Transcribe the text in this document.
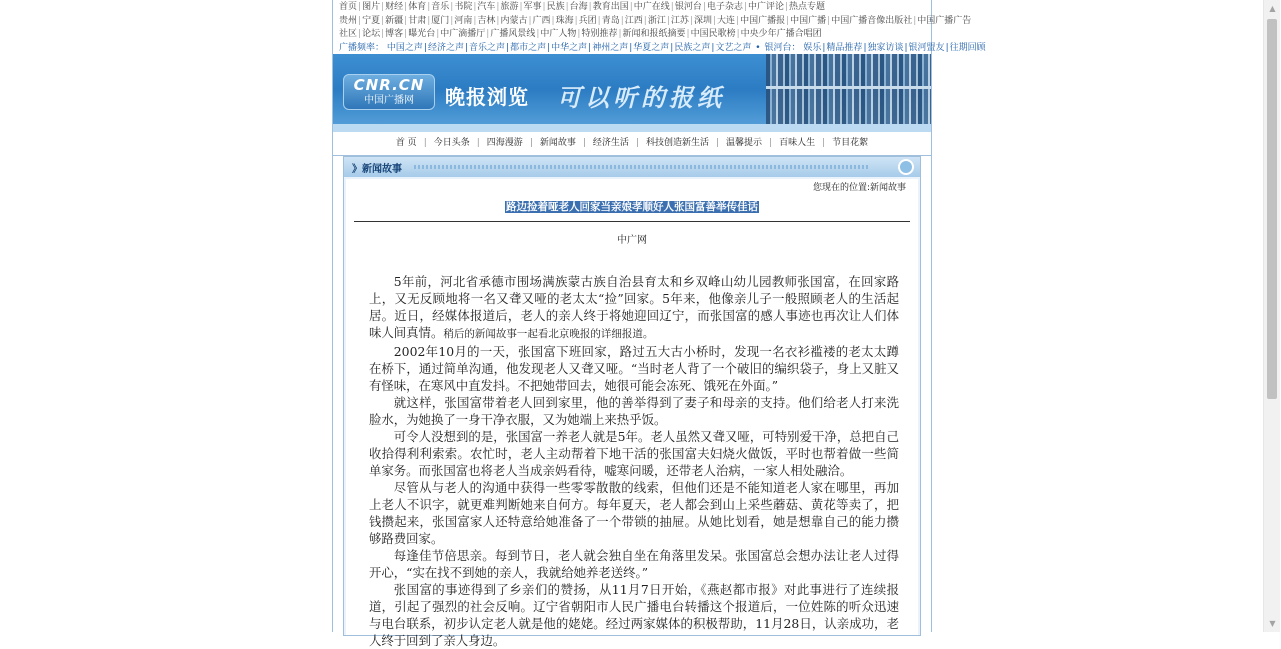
首页|图片|财经|体育|音乐|书院|汽车|旅游|军事|民族|台海|教育出国|中广在线|银河台|电子杂志|中广评论|热点专题
贵州|宁夏|新疆|甘肃|厦门|河南|吉林|内蒙古|广西|珠海|兵团|青岛|江西|浙江|江苏|深圳|大连|中国广播报|中国广播|中国广播音像出版社|中国广播广告
社区|论坛|博客|曝光台|中广滴播厅|广播风景线|中广人物|特别推荐|新闻和报纸摘要|中国民歌榜|中央少年广播合唱团
广播频率： 中国之声|经济之声|音乐之声|都市之声|中华之声|神州之声|华夏之声|民族之声|文艺之声 • 银河台： 娱乐|精品推荐|独家访谈|银河盟友|往期回顾
CNR.CN
中国广播网	晚报浏览 可以听的报纸
首 页 | 今日头条 | 四海漫游 | 新闻故事 | 经济生活 | 科技创造新生活 | 温馨提示 | 百味人生 | 节目花絮
》新闻故事
您现在的位置:新闻故事
路边捡着哑老人回家当亲娘孝顺好人张国富善举传佳话
中广网

5年前，河北省承德市围场满族蒙古族自治县育太和乡双峰山幼儿园教师张国富，在回家路上，又无反顾地将一名又聋又哑的老太太“捡”回家。5年来，他像亲儿子一般照顾老人的生活起居。近日，经媒体报道后，老人的亲人终于将她迎回辽宁，而张国富的感人事迹也再次让人们体味人间真情。稍后的新闻故事一起看北京晚报的详细报道。

2002年10月的一天，张国富下班回家，路过五大古小桥时，发现一名衣衫褴褛的老太太蹲在桥下，通过简单沟通，他发现老人又聋又哑。“当时老人背了一个破旧的编织袋子，身上又脏又有怪味，在寒风中直发抖。不把她带回去，她很可能会冻死、饿死在外面。”

就这样，张国富带着老人回到家里，他的善举得到了妻子和母亲的支持。他们给老人打来洗脸水，为她换了一身干净衣服，又为她端上来热乎饭。

可令人没想到的是，张国富一养老人就是5年。老人虽然又聋又哑，可特别爱干净，总把自己收拾得利利索索。农忙时，老人主动帮着下地干活的张国富夫妇烧火做饭，平时也帮着做一些简单家务。而张国富也将老人当成亲妈看待，嘘寒问暖，还带老人治病，一家人相处融洽。

尽管从与老人的沟通中获得一些零零散散的线索，但他们还是不能知道老人家在哪里，再加上老人不识字，就更难判断她来自何方。每年夏天，老人都会到山上采些蘑菇、黄花等卖了，把钱攒起来，张国富家人还特意给她准备了一个带锁的抽屉。从她比划看，她是想靠自己的能力攒够路费回家。

每逢佳节倍思亲。每到节日，老人就会独自坐在角落里发呆。张国富总会想办法让老人过得开心，“实在找不到她的亲人，我就给她养老送终。”

张国富的事迹得到了乡亲们的赞扬，从11月7日开始，《燕赵都市报》对此事进行了连续报道，引起了强烈的社会反响。辽宁省朝阳市人民广播电台转播这个报道后，一位姓陈的听众迅速与电台联系，初步认定老人就是他的姥姥。经过两家媒体的积极帮助，11月28日，认亲成功，老人终于回到了亲人身边。

▲
▼
